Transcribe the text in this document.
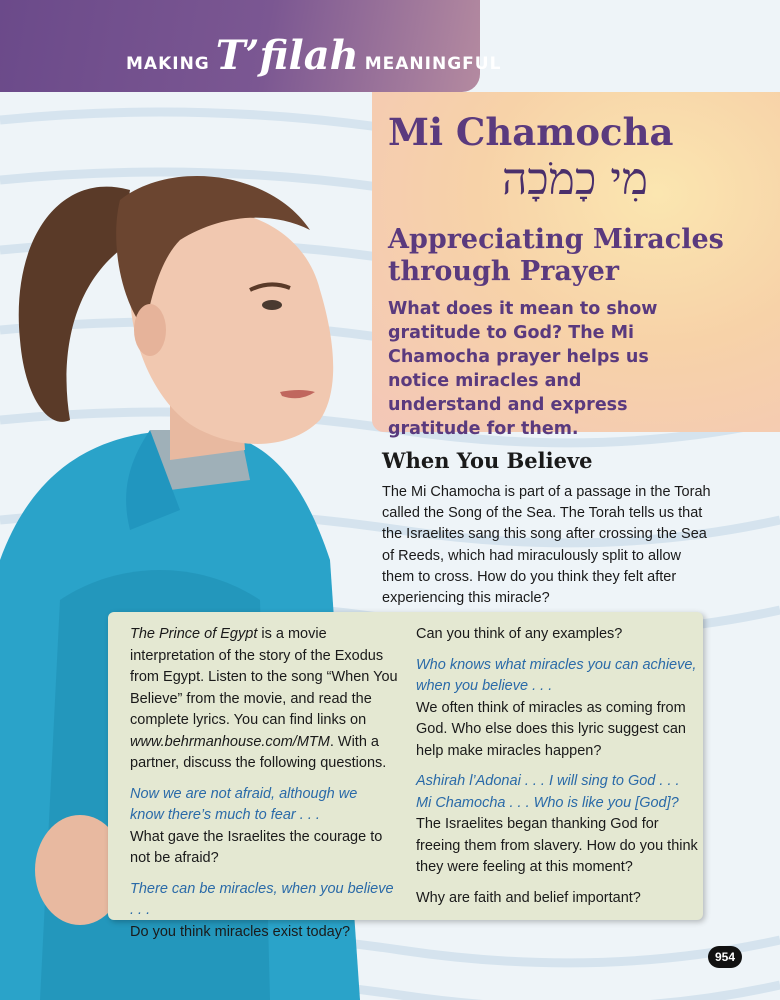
MAKING T’filah MEANINGFUL
Mi Chamocha
מִי כָמֹכָה
Appreciating Miracles
through Prayer

What does it mean to show gratitude to God? The Mi Chamocha prayer helps us notice miracles and understand and express gratitude for them.

When You Believe

The Mi Chamocha is part of a passage in the Torah called the Song of the Sea. The Torah tells us that the Israelites sang this song after crossing the Sea of Reeds, which had miraculously split to allow them to cross. How do you think they felt after experiencing this miracle?

The Prince of Egypt is a movie interpretation of the story of the Exodus from Egypt. Listen to the song “When You Believe” from the movie, and read the complete lyrics. You can find links on www.behrmanhouse.com/MTM. With a partner, discuss the following questions.

Now we are not afraid, although we
know there’s much to fear . . .

What gave the Israelites the courage to not be afraid?

There can be miracles, when you believe . . .

Do you think miracles exist today?

Can you think of any examples?

Who knows what miracles you can achieve,
when you believe . . .

We often think of miracles as coming from God. Who else does this lyric suggest can help make miracles happen?

Ashirah l’Adonai . . . I will sing to God . . .
Mi Chamocha . . . Who is like you [God]?

The Israelites began thanking God for freeing them from slavery. How do you think they were feeling at this moment?

Why are faith and belief important?

954
